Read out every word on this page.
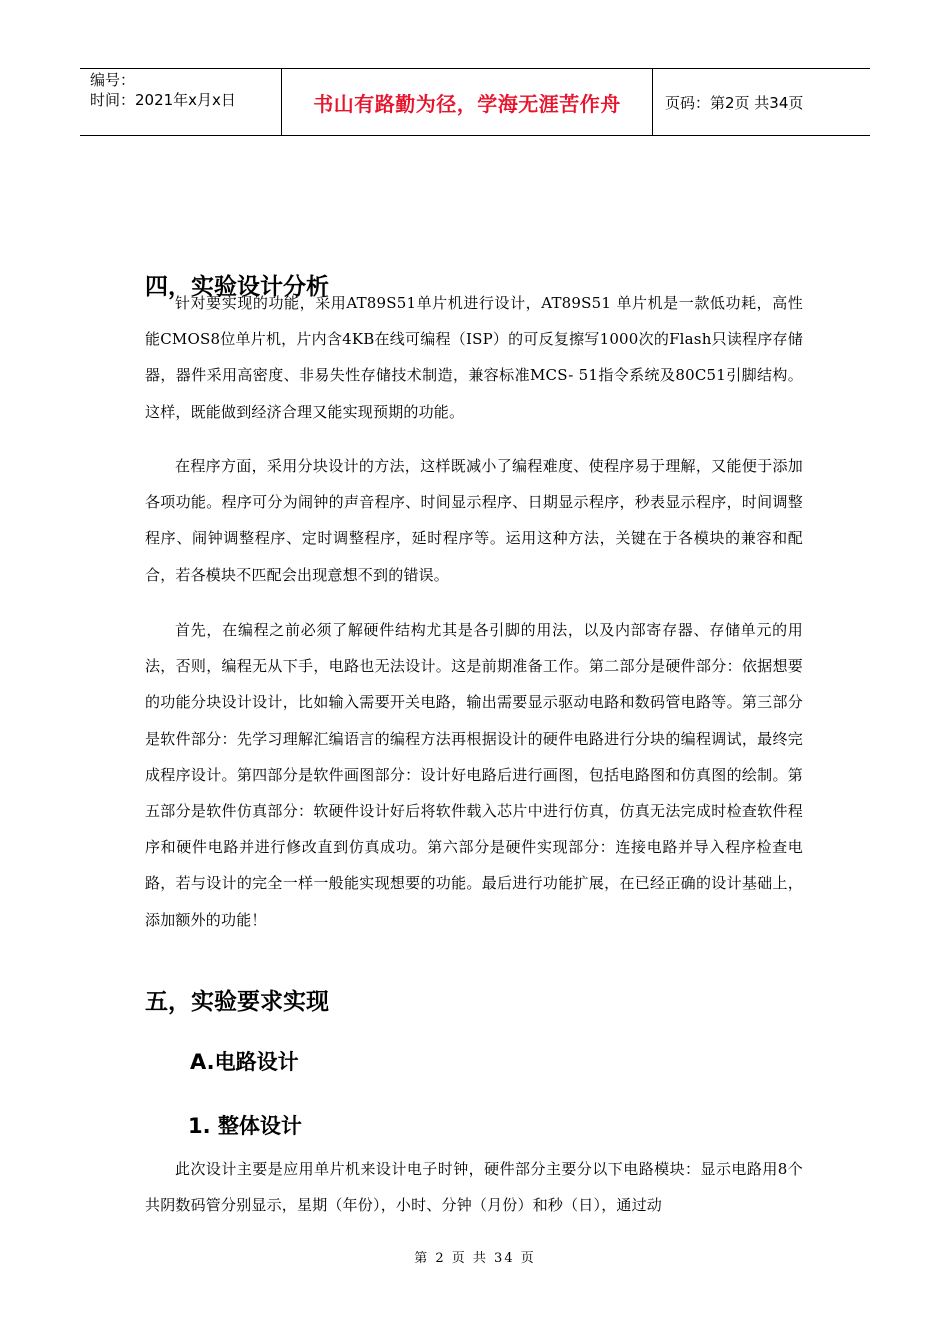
编号：
时间：2021年x月x日	书山有路勤为径，学海无涯苦作舟	页码：第2页 共34页
四，实验设计分析

针对要实现的功能，采用AT89S51单片机进行设计，AT89S51 单片机是一款低功耗，高性能CMOS8位单片机，片内含4KB在线可编程（ISP）的可反复擦写1000次的Flash只读程序存储器，器件采用高密度、非易失性存储技术制造，兼容标准MCS- 51指令系统及80C51引脚结构。这样，既能做到经济合理又能实现预期的功能。

在程序方面，采用分块设计的方法，这样既减小了编程难度、使程序易于理解，又能便于添加各项功能。程序可分为闹钟的声音程序、时间显示程序、日期显示程序，秒表显示程序，时间调整程序、闹钟调整程序、定时调整程序，延时程序等。运用这种方法，关键在于各模块的兼容和配合，若各模块不匹配会出现意想不到的错误。

首先，在编程之前必须了解硬件结构尤其是各引脚的用法，以及内部寄存器、存储单元的用法，否则，编程无从下手，电路也无法设计。这是前期准备工作。第二部分是硬件部分：依据想要的功能分块设计设计，比如输入需要开关电路，输出需要显示驱动电路和数码管电路等。第三部分是软件部分：先学习理解汇编语言的编程方法再根据设计的硬件电路进行分块的编程调试，最终完成程序设计。第四部分是软件画图部分：设计好电路后进行画图，包括电路图和仿真图的绘制。第五部分是软件仿真部分：软硬件设计好后将软件载入芯片中进行仿真，仿真无法完成时检查软件程序和硬件电路并进行修改直到仿真成功。第六部分是硬件实现部分：连接电路并导入程序检查电路，若与设计的完全一样一般能实现想要的功能。最后进行功能扩展，在已经正确的设计基础上，添加额外的功能！

五，实验要求实现
A.电路设计
1. 整体设计

此次设计主要是应用单片机来设计电子时钟，硬件部分主要分以下电路模块：显示电路用8个共阴数码管分别显示，星期（年份），小时、分钟（月份）和秒（日），通过动

第 2 页 共 34 页
